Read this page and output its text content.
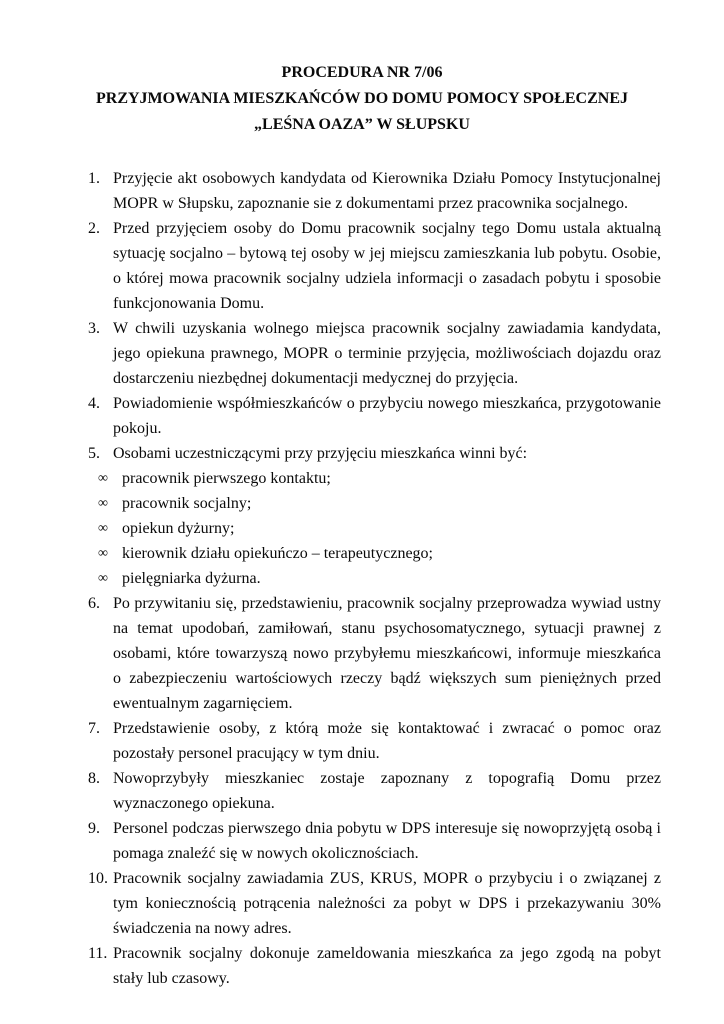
PROCEDURA NR 7/06
PRZYJMOWANIA MIESZKAŃCÓW DO DOMU POMOCY SPOŁECZNEJ
„LEŚNA OAZA” W SŁUPSKU
1. Przyjęcie akt osobowych kandydata od Kierownika Działu Pomocy Instytucjonalnej MOPR w Słupsku, zapoznanie sie z dokumentami przez pracownika socjalnego.
2. Przed przyjęciem osoby do Domu pracownik socjalny tego Domu ustala aktualną sytuację socjalno – bytową tej osoby w jej miejscu zamieszkania lub pobytu. Osobie, o której mowa pracownik socjalny udziela informacji o zasadach pobytu i sposobie funkcjonowania Domu.
3. W chwili uzyskania wolnego miejsca pracownik socjalny zawiadamia kandydata, jego opiekuna prawnego, MOPR o terminie przyjęcia, możliwościach dojazdu oraz dostarczeniu niezbędnej dokumentacji medycznej do przyjęcia.
4. Powiadomienie współmieszkańców o przybyciu nowego mieszkańca, przygotowanie pokoju.
5. Osobami uczestniczącymi przy przyjęciu mieszkańca winni być:
∞ pracownik pierwszego kontaktu;
∞ pracownik socjalny;
∞ opiekun dyżurny;
∞ kierownik działu opiekuńczo – terapeutycznego;
∞ pielęgniarka dyżurna.
6. Po przywitaniu się, przedstawieniu, pracownik socjalny przeprowadza wywiad ustny na temat upodobań, zamiłowań, stanu psychosomatycznego, sytuacji prawnej z osobami, które towarzyszą nowo przybyłemu mieszkańcowi, informuje mieszkańca o zabezpieczeniu wartościowych rzeczy bądź większych sum pieniężnych przed ewentualnym zagarnięciem.
7. Przedstawienie osoby, z którą może się kontaktować i zwracać o pomoc oraz pozostały personel pracujący w tym dniu.
8. Nowoprzybyły mieszkaniec zostaje zapoznany z topografią Domu przez wyznaczonego opiekuna.
9. Personel podczas pierwszego dnia pobytu w DPS interesuje się nowoprzyjętą osobą i pomaga znaleźć się w nowych okolicznościach.
10. Pracownik socjalny zawiadamia ZUS, KRUS, MOPR o przybyciu i o związanej z tym koniecznością potrącenia należności za pobyt w DPS i przekazywaniu 30% świadczenia na nowy adres.
11. Pracownik socjalny dokonuje zameldowania mieszkańca za jego zgodą na pobyt stały lub czasowy.
